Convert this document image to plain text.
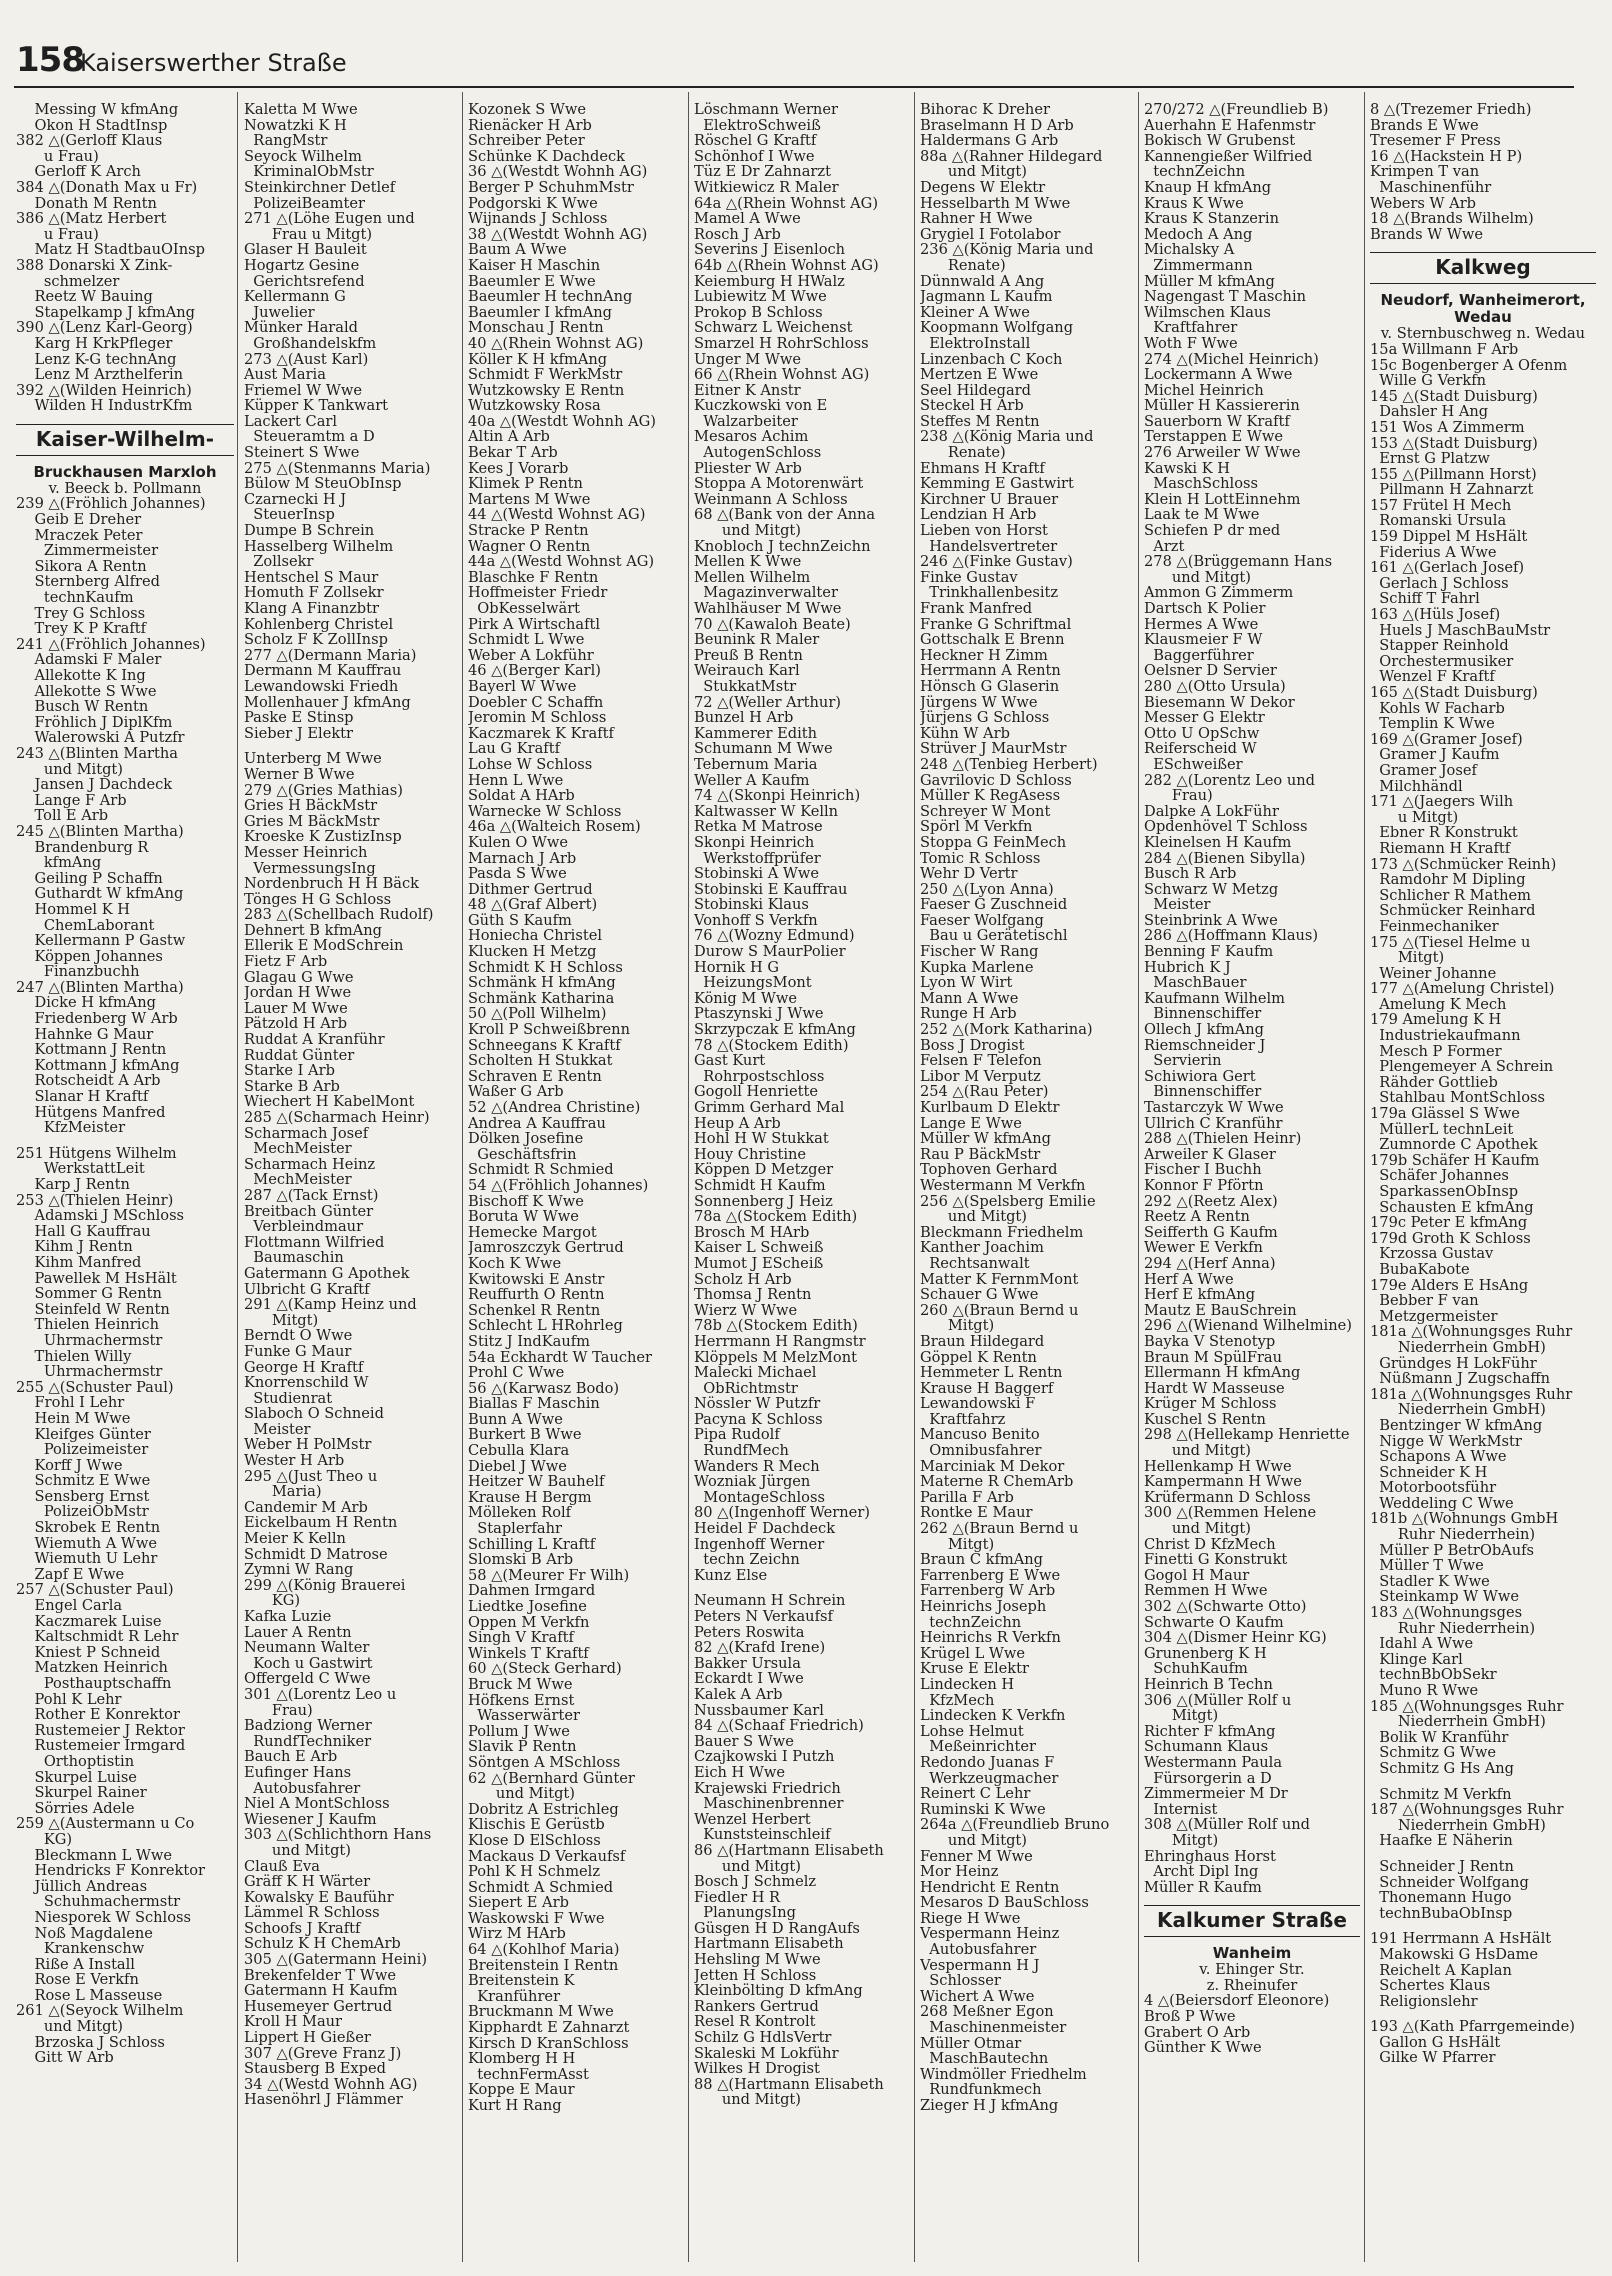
158
Kaiserswerther Straße
Messing W kfmAng
Okon H StadtInsp
382 △(Gerloff Klaus
u Frau)
Gerloff K Arch
384 △(Donath Max u Fr)
Donath M Rentn
386 △(Matz Herbert
u Frau)
Matz H StadtbauOInsp
388 Donarski X Zink-
schmelzer
Reetz W Bauing
Stapelkamp J kfmAng
390 △(Lenz Karl-Georg)
Karg H KrkPfleger
Lenz K-G technAng
Lenz M Arzthelferin
392 △(Wilden Heinrich)
Wilden H IndustrKfm
Kaiser-Wilhelm-
Bruckhausen Marxloh
v. Beeck b. Pollmann
239 △(Fröhlich Johannes)
Geib E Dreher
Mraczek Peter
Zimmermeister
Sikora A Rentn
Sternberg Alfred
technKaufm
Trey G Schloss
Trey K P Kraftf
241 △(Fröhlich Johannes)
Adamski F Maler
Allekotte K Ing
Allekotte S Wwe
Busch W Rentn
Fröhlich J DiplKfm
Walerowski A Putzfr
243 △(Blinten Martha
und Mitgt)
Jansen J Dachdeck
Lange F Arb
Toll E Arb
245 △(Blinten Martha)
Brandenburg R
kfmAng
Geiling P Schaffn
Guthardt W kfmAng
Hommel K H
ChemLaborant
Kellermann P Gastw
Köppen Johannes
Finanzbuchh
247 △(Blinten Martha)
Dicke H kfmAng
Friedenberg W Arb
Hahnke G Maur
Kottmann J Rentn
Kottmann J kfmAng
Rotscheidt A Arb
Slanar H Kraftf
Hütgens Manfred
KfzMeister
251 Hütgens Wilhelm
WerkstattLeit
Karp J Rentn
253 △(Thielen Heinr)
Adamski J MSchloss
Hall G Kauffrau
Kihm J Rentn
Kihm Manfred
Pawellek M HsHält
Sommer G Rentn
Steinfeld W Rentn
Thielen Heinrich
Uhrmachermstr
Thielen Willy
Uhrmachermstr
255 △(Schuster Paul)
Frohl I Lehr
Hein M Wwe
Kleifges Günter
Polizeimeister
Korff J Wwe
Schmitz E Wwe
Sensberg Ernst
PolizeiObMstr
Skrobek E Rentn
Wiemuth A Wwe
Wiemuth U Lehr
Zapf E Wwe
257 △(Schuster Paul)
Engel Carla
Kaczmarek Luise
Kaltschmidt R Lehr
Kniest P Schneid
Matzken Heinrich
Posthauptschaffn
Pohl K Lehr
Rother E Konrektor
Rustemeier J Rektor
Rustemeier Irmgard
Orthoptistin
Skurpel Luise
Skurpel Rainer
Sörries Adele
259 △(Austermann u Co
KG)
Bleckmann L Wwe
Hendricks F Konrektor
Jüllich Andreas
Schuhmachermstr
Niesporek W Schloss
Noß Magdalene
Krankenschw
Riße A Install
Rose E Verkfn
Rose L Masseuse
261 △(Seyock Wilhelm
und Mitgt)
Brzoska J Schloss
Gitt W Arb
Kaletta M Wwe
Nowatzki K H
RangMstr
Seyock Wilhelm
KriminalObMstr
Steinkirchner Detlef
PolizeiBeamter
271 △(Löhe Eugen und
Frau u Mitgt)
Glaser H Bauleit
Hogartz Gesine
Gerichtsrefend
Kellermann G
Juwelier
Münker Harald
Großhandelskfm
273 △(Aust Karl)
Aust Maria
Friemel W Wwe
Küpper K Tankwart
Lackert Carl
Steueramtm a D
Steinert S Wwe
275 △(Stenmanns Maria)
Bülow M SteuObInsp
Czarnecki H J
SteuerInsp
Dumpe B Schrein
Hasselberg Wilhelm
Zollsekr
Hentschel S Maur
Homuth F Zollsekr
Klang A Finanzbtr
Kohlenberg Christel
Scholz F K ZollInsp
277 △(Dermann Maria)
Dermann M Kauffrau
Lewandowski Friedh
Mollenhauer J kfmAng
Paske E Stinsp
Sieber J Elektr
Unterberg M Wwe
Werner B Wwe
279 △(Gries Mathias)
Gries H BäckMstr
Gries M BäckMstr
Kroeske K ZustizInsp
Messer Heinrich
VermessungsIng
Nordenbruch H H Bäck
Tönges H G Schloss
283 △(Schellbach Rudolf)
Dehnert B kfmAng
Ellerik E ModSchrein
Fietz F Arb
Glagau G Wwe
Jordan H Wwe
Lauer M Wwe
Pätzold H Arb
Ruddat A Kranführ
Ruddat Günter
Starke I Arb
Starke B Arb
Wiechert H KabelMont
285 △(Scharmach Heinr)
Scharmach Josef
MechMeister
Scharmach Heinz
MechMeister
287 △(Tack Ernst)
Breitbach Günter
Verbleindmaur
Flottmann Wilfried
Baumaschin
Gatermann G Apothek
Ulbricht G Kraftf
291 △(Kamp Heinz und
Mitgt)
Berndt O Wwe
Funke G Maur
George H Kraftf
Knorrenschild W
Studienrat
Slaboch O Schneid
Meister
Weber H PolMstr
Wester H Arb
295 △(Just Theo u
Maria)
Candemir M Arb
Eickelbaum H Rentn
Meier K Kelln
Schmidt D Matrose
Zymni W Rang
299 △(König Brauerei
KG)
Kafka Luzie
Lauer A Rentn
Neumann Walter
Koch u Gastwirt
Offergeld C Wwe
301 △(Lorentz Leo u
Frau)
Badziong Werner
RundfTechniker
Bauch E Arb
Eufinger Hans
Autobusfahrer
Niel A MontSchloss
Wiesener J Kaufm
303 △(Schlichthorn Hans
und Mitgt)
Clauß Eva
Gräff K H Wärter
Kowalsky E Bauführ
Lämmel R Schloss
Schoofs J Kraftf
Schulz K H ChemArb
305 △(Gatermann Heini)
Brekenfelder T Wwe
Gatermann H Kaufm
Husemeyer Gertrud
Kroll H Maur
Lippert H Gießer
307 △(Greve Franz J)
Stausberg B Exped
34 △(Westd Wohnh AG)
Hasenöhrl J Flämmer
Kozonek S Wwe
Rienäcker H Arb
Schreiber Peter
Schünke K Dachdeck
36 △(Westdt Wohnh AG)
Berger P SchuhmMstr
Podgorski K Wwe
Wijnands J Schloss
38 △(Westdt Wohnh AG)
Baum A Wwe
Kaiser H Maschin
Baeumler E Wwe
Baeumler H technAng
Baeumler I kfmAng
Monschau J Rentn
40 △(Rhein Wohnst AG)
Köller K H kfmAng
Schmidt F WerkMstr
Wutzkowsky E Rentn
Wutzkowsky Rosa
40a △(Westdt Wohnh AG)
Altin A Arb
Bekar T Arb
Kees J Vorarb
Klimek P Rentn
Martens M Wwe
44 △(Westd Wohnst AG)
Stracke P Rentn
Wagner O Rentn
44a △(Westd Wohnst AG)
Blaschke F Rentn
Hoffmeister Friedr
ObKesselwärt
Pirk A Wirtschaftl
Schmidt L Wwe
Weber A Lokführ
46 △(Berger Karl)
Bayerl W Wwe
Doebler C Schaffn
Jeromin M Schloss
Kaczmarek K Kraftf
Lau G Kraftf
Lohse W Schloss
Henn L Wwe
Soldat A HArb
Warnecke W Schloss
46a △(Walteich Rosem)
Kulen O Wwe
Marnach J Arb
Pasda S Wwe
Dithmer Gertrud
48 △(Graf Albert)
Güth S Kaufm
Honiecha Christel
Klucken H Metzg
Schmidt K H Schloss
Schmänk H kfmAng
Schmänk Katharina
50 △(Poll Wilhelm)
Kroll P Schweißbrenn
Schneegans K Kraftf
Scholten H Stukkat
Schraven E Rentn
Waßer G Arb
52 △(Andrea Christine)
Andrea A Kauffrau
Dölken Josefine
Geschäftsfrin
Schmidt R Schmied
54 △(Fröhlich Johannes)
Bischoff K Wwe
Boruta W Wwe
Hemecke Margot
Jamroszczyk Gertrud
Koch K Wwe
Kwitowski E Anstr
Reuffurth O Rentn
Schenkel R Rentn
Schlecht L HRohrleg
Stitz J IndKaufm
54a Eckhardt W Taucher
Prohl C Wwe
56 △(Karwasz Bodo)
Biallas F Maschin
Bunn A Wwe
Burkert B Wwe
Cebulla Klara
Diebel J Wwe
Heitzer W Bauhelf
Krause H Bergm
Mölleken Rolf
Staplerfahr
Schilling L Kraftf
Slomski B Arb
58 △(Meurer Fr Wilh)
Dahmen Irmgard
Liedtke Josefine
Oppen M Verkfn
Singh V Kraftf
Winkels T Kraftf
60 △(Steck Gerhard)
Bruck M Wwe
Höfkens Ernst
Wasserwärter
Pollum J Wwe
Slavik P Rentn
Söntgen A MSchloss
62 △(Bernhard Günter
und Mitgt)
Dobritz A Estrichleg
Klischis E Gerüstb
Klose D ElSchloss
Mackaus D Verkaufsf
Pohl K H Schmelz
Schmidt A Schmied
Siepert E Arb
Waskowski F Wwe
Wirz M HArb
64 △(Kohlhof Maria)
Breitenstein I Rentn
Breitenstein K
Kranführer
Bruckmann M Wwe
Kipphardt E Zahnarzt
Kirsch D KranSchloss
Klomberg H H
technFermAsst
Koppe E Maur
Kurt H Rang
Löschmann Werner
ElektroSchweiß
Röschel G Kraftf
Schönhof I Wwe
Tüz E Dr Zahnarzt
Witkiewicz R Maler
64a △(Rhein Wohnst AG)
Mamel A Wwe
Rosch J Arb
Severins J Eisenloch
64b △(Rhein Wohnst AG)
Keiemburg H HWalz
Lubiewitz M Wwe
Prokop B Schloss
Schwarz L Weichenst
Smarzel H RohrSchloss
Unger M Wwe
66 △(Rhein Wohnst AG)
Eitner K Anstr
Kuczkowski von E
Walzarbeiter
Mesaros Achim
AutogenSchloss
Pliester W Arb
Stoppa A Motorenwärt
Weinmann A Schloss
68 △(Bank von der Anna
und Mitgt)
Knobloch J technZeichn
Mellen K Wwe
Mellen Wilhelm
Magazinverwalter
Wahlhäuser M Wwe
70 △(Kawaloh Beate)
Beunink R Maler
Preuß B Rentn
Weirauch Karl
StukkatMstr
72 △(Weller Arthur)
Bunzel H Arb
Kammerer Edith
Schumann M Wwe
Tebernum Maria
Weller A Kaufm
74 △(Skonpi Heinrich)
Kaltwasser W Kelln
Retka M Matrose
Skonpi Heinrich
Werkstoffprüfer
Stobinski A Wwe
Stobinski E Kauffrau
Stobinski Klaus
Vonhoff S Verkfn
76 △(Wozny Edmund)
Durow S MaurPolier
Hornik H G
HeizungsMont
König M Wwe
Ptaszynski J Wwe
Skrzypczak E kfmAng
78 △(Stockem Edith)
Gast Kurt
Rohrpostschloss
Gogoll Henriette
Grimm Gerhard Mal
Heup A Arb
Hohl H W Stukkat
Houy Christine
Köppen D Metzger
Schmidt H Kaufm
Sonnenberg J Heiz
78a △(Stockem Edith)
Brosch M HArb
Kaiser L Schweiß
Mumot J EScheiß
Scholz H Arb
Thomsa J Rentn
Wierz W Wwe
78b △(Stockem Edith)
Herrmann H Rangmstr
Klöppels M MelzMont
Malecki Michael
ObRichtmstr
Nössler W Putzfr
Pacyna K Schloss
Pipa Rudolf
RundfMech
Wanders R Mech
Wozniak Jürgen
MontageSchloss
80 △(Ingenhoff Werner)
Heidel F Dachdeck
Ingenhoff Werner
techn Zeichn
Kunz Else
Neumann H Schrein
Peters N Verkaufsf
Peters Roswita
82 △(Krafd Irene)
Bakker Ursula
Eckardt I Wwe
Kalek A Arb
Nussbaumer Karl
84 △(Schaaf Friedrich)
Bauer S Wwe
Czajkowski I Putzh
Eich H Wwe
Krajewski Friedrich
Maschinenbrenner
Wenzel Herbert
Kunststeinschleif
86 △(Hartmann Elisabeth
und Mitgt)
Bosch J Schmelz
Fiedler H R
PlanungsIng
Güsgen H D RangAufs
Hartmann Elisabeth
Hehsling M Wwe
Jetten H Schloss
Kleinbölting D kfmAng
Rankers Gertrud
Resel R Kontrolt
Schilz G HdlsVertr
Skaleski M Lokführ
Wilkes H Drogist
88 △(Hartmann Elisabeth
und Mitgt)
Bihorac K Dreher
Braselmann H D Arb
Haldermans G Arb
88a △(Rahner Hildegard
und Mitgt)
Degens W Elektr
Hesselbarth M Wwe
Rahner H Wwe
Grygiel I Fotolabor
236 △(König Maria und
Renate)
Dünnwald A Ang
Jagmann L Kaufm
Kleiner A Wwe
Koopmann Wolfgang
ElektroInstall
Linzenbach C Koch
Mertzen E Wwe
Seel Hildegard
Steckel H Arb
Steffes M Rentn
238 △(König Maria und
Renate)
Ehmans H Kraftf
Kemming E Gastwirt
Kirchner U Brauer
Lendzian H Arb
Lieben von Horst
Handelsvertreter
246 △(Finke Gustav)
Finke Gustav
Trinkhallenbesitz
Frank Manfred
Franke G Schriftmal
Gottschalk E Brenn
Heckner H Zimm
Herrmann A Rentn
Hönsch G Glaserin
Jürgens W Wwe
Jürjens G Schloss
Kühn W Arb
Strüver J MaurMstr
248 △(Tenbieg Herbert)
Gavrilovic D Schloss
Müller K RegAsess
Schreyer W Mont
Spörl M Verkfn
Stoppa G FeinMech
Tomic R Schloss
Wehr D Vertr
250 △(Lyon Anna)
Faeser G Zuschneid
Faeser Wolfgang
Bau u Gerätetischl
Fischer W Rang
Kupka Marlene
Lyon W Wirt
Mann A Wwe
Runge H Arb
252 △(Mork Katharina)
Boss J Drogist
Felsen F Telefon
Libor M Verputz
254 △(Rau Peter)
Kurlbaum D Elektr
Lange E Wwe
Müller W kfmAng
Rau P BäckMstr
Tophoven Gerhard
Westermann M Verkfn
256 △(Spelsberg Emilie
und Mitgt)
Bleckmann Friedhelm
Kanther Joachim
Rechtsanwalt
Matter K FernmMont
Schauer G Wwe
260 △(Braun Bernd u
Mitgt)
Braun Hildegard
Göppel K Rentn
Hemmeter L Rentn
Krause H Baggerf
Lewandowski F
Kraftfahrz
Mancuso Benito
Omnibusfahrer
Marciniak M Dekor
Materne R ChemArb
Parilla F Arb
Rontke E Maur
262 △(Braun Bernd u
Mitgt)
Braun C kfmAng
Farrenberg E Wwe
Farrenberg W Arb
Heinrichs Joseph
technZeichn
Heinrichs R Verkfn
Krügel L Wwe
Kruse E Elektr
Lindecken H
KfzMech
Lindecken K Verkfn
Lohse Helmut
Meßeinrichter
Redondo Juanas F
Werkzeugmacher
Reinert C Lehr
Ruminski K Wwe
264a △(Freundlieb Bruno
und Mitgt)
Fenner M Wwe
Mor Heinz
Hendricht E Rentn
Mesaros D BauSchloss
Riege H Wwe
Vespermann Heinz
Autobusfahrer
Vespermann H J
Schlosser
Wichert A Wwe
268 Meßner Egon
Maschinenmeister
Müller Otmar
MaschBautechn
Windmöller Friedhelm
Rundfunkmech
Zieger H J kfmAng
270/272 △(Freundlieb B)
Auerhahn E Hafenmstr
Bokisch W Grubenst
Kannengießer Wilfried
technZeichn
Knaup H kfmAng
Kraus K Wwe
Kraus K Stanzerin
Medoch A Ang
Michalsky A
Zimmermann
Müller M kfmAng
Nagengast T Maschin
Wilmschen Klaus
Kraftfahrer
Woth F Wwe
274 △(Michel Heinrich)
Lockermann A Wwe
Michel Heinrich
Müller H Kassiererin
Sauerborn W Kraftf
Terstappen E Wwe
276 Arweiler W Wwe
Kawski K H
MaschSchloss
Klein H LottEinnehm
Laak te M Wwe
Schiefen P dr med
Arzt
278 △(Brüggemann Hans
und Mitgt)
Ammon G Zimmerm
Dartsch K Polier
Hermes A Wwe
Klausmeier F W
Baggerführer
Oelsner D Servier
280 △(Otto Ursula)
Biesemann W Dekor
Messer G Elektr
Otto U OpSchw
Reiferscheid W
ESchweißer
282 △(Lorentz Leo und
Frau)
Dalpke A LokFühr
Opdenhövel T Schloss
Kleinelsen H Kaufm
284 △(Bienen Sibylla)
Busch R Arb
Schwarz W Metzg
Meister
Steinbrink A Wwe
286 △(Hoffmann Klaus)
Benning F Kaufm
Hubrich K J
MaschBauer
Kaufmann Wilhelm
Binnenschiffer
Ollech J kfmAng
Riemschneider J
Servierin
Schiwiora Gert
Binnenschiffer
Tastarczyk W Wwe
Ullrich C Kranführ
288 △(Thielen Heinr)
Arweiler K Glaser
Fischer I Buchh
Konnor F Pförtn
292 △(Reetz Alex)
Reetz A Rentn
Seifferth G Kaufm
Wewer E Verkfn
294 △(Herf Anna)
Herf A Wwe
Herf E kfmAng
Mautz E BauSchrein
296 △(Wienand Wilhelmine)
Bayka V Stenotyp
Braun M SpülFrau
Ellermann H kfmAng
Hardt W Masseuse
Krüger M Schloss
Kuschel S Rentn
298 △(Hellekamp Henriette
und Mitgt)
Hellenkamp H Wwe
Kampermann H Wwe
Krüfermann D Schloss
300 △(Remmen Helene
und Mitgt)
Christ D KfzMech
Finetti G Konstrukt
Gogol H Maur
Remmen H Wwe
302 △(Schwarte Otto)
Schwarte O Kaufm
304 △(Dismer Heinr KG)
Grunenberg K H
SchuhKaufm
Heinrich B Techn
306 △(Müller Rolf u
Mitgt)
Richter F kfmAng
Schumann Klaus
Westermann Paula
Fürsorgerin a D
Zimmermeier M Dr
Internist
308 △(Müller Rolf und
Mitgt)
Ehringhaus Horst
Archt Dipl Ing
Müller R Kaufm
Kalkumer Straße
Wanheim
v. Ehinger Str.
z. Rheinufer
4 △(Beiersdorf Eleonore)
Broß P Wwe
Grabert O Arb
Günther K Wwe
8 △(Trezemer Friedh)
Brands E Wwe
Tresemer F Press
16 △(Hackstein H P)
Krimpen T van
Maschinenführ
Webers W Arb
18 △(Brands Wilhelm)
Brands W Wwe
Kalkweg
Neudorf, Wanheimerort,
Wedau
v. Sternbuschweg n. Wedau
15a Willmann F Arb
15c Bogenberger A Ofenm
Wille G Verkfn
145 △(Stadt Duisburg)
Dahsler H Ang
151 Wos A Zimmerm
153 △(Stadt Duisburg)
Ernst G Platzw
155 △(Pillmann Horst)
Pillmann H Zahnarzt
157 Frütel H Mech
Romanski Ursula
159 Dippel M HsHält
Fiderius A Wwe
161 △(Gerlach Josef)
Gerlach J Schloss
Schiff T Fahrl
163 △(Hüls Josef)
Huels J MaschBauMstr
Stapper Reinhold
Orchestermusiker
Wenzel F Kraftf
165 △(Stadt Duisburg)
Kohls W Facharb
Templin K Wwe
169 △(Gramer Josef)
Gramer J Kaufm
Gramer Josef
Milchhändl
171 △(Jaegers Wilh
u Mitgt)
Ebner R Konstrukt
Riemann H Kraftf
173 △(Schmücker Reinh)
Ramdohr M Dipling
Schlicher R Mathem
Schmücker Reinhard
Feinmechaniker
175 △(Tiesel Helme u
Mitgt)
Weiner Johanne
177 △(Amelung Christel)
Amelung K Mech
179 Amelung K H
Industriekaufmann
Mesch P Former
Plengemeyer A Schrein
Rähder Gottlieb
Stahlbau MontSchloss
179a Glässel S Wwe
MüllerL technLeit
Zumnorde C Apothek
179b Schäfer H Kaufm
Schäfer Johannes
SparkassenObInsp
Schausten E kfmAng
179c Peter E kfmAng
179d Groth K Schloss
Krzossa Gustav
BubaKabote
179e Alders E HsAng
Bebber F van
Metzgermeister
181a △(Wohnungsges Ruhr
Niederrhein GmbH)
Gründges H LokFühr
Nüßmann J Zugschaffn
181a △(Wohnungsges Ruhr
Niederrhein GmbH)
Bentzinger W kfmAng
Nigge W WerkMstr
Schapons A Wwe
Schneider K H
Motorbootsführ
Weddeling C Wwe
181b △(Wohnungs GmbH
Ruhr Niederrhein)
Müller P BetrObAufs
Müller T Wwe
Stadler K Wwe
Steinkamp W Wwe
183 △(Wohnungsges
Ruhr Niederrhein)
Idahl A Wwe
Klinge Karl
technBbObSekr
Muno R Wwe
185 △(Wohnungsges Ruhr
Niederrhein GmbH)
Bolik W Kranführ
Schmitz G Wwe
Schmitz G Hs Ang
Schmitz M Verkfn
187 △(Wohnungsges Ruhr
Niederrhein GmbH)
Haafke E Näherin
Schneider J Rentn
Schneider Wolfgang
Thonemann Hugo
technBubaObInsp
191 Herrmann A HsHält
Makowski G HsDame
Reichelt A Kaplan
Schertes Klaus
Religionslehr
193 △(Kath Pfarrgemeinde)
Gallon G HsHält
Gilke W Pfarrer
